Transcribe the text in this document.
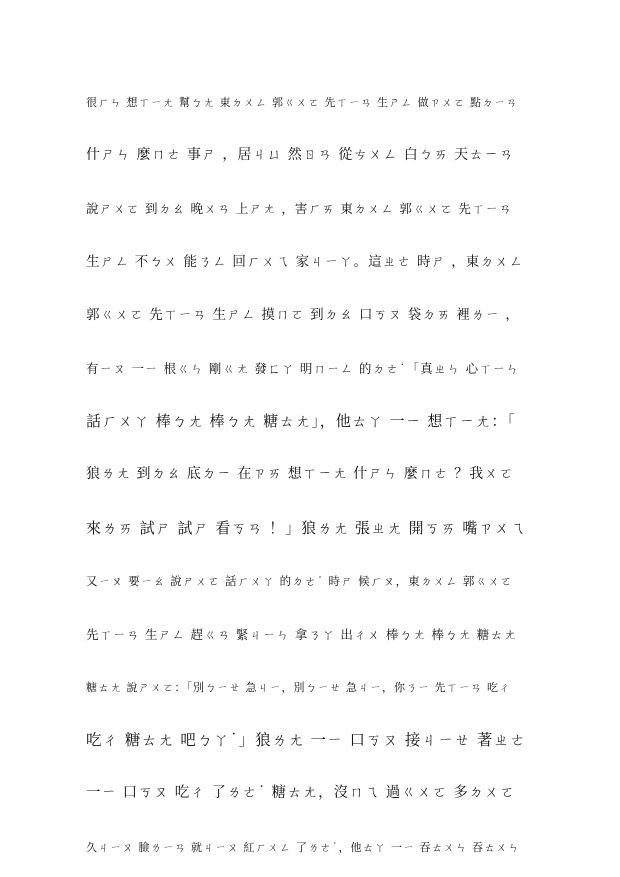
很ㄏㄣ 想ㄒㄧㄤ 幫ㄅㄤ 東ㄉㄨㄥ 郭ㄍㄨㄛ 先ㄒㄧㄢ 生ㄕㄥ 做ㄗㄨㄛ 點ㄉㄧㄢ
什ㄕㄣ 麼ㄇㄜ 事ㄕ ，居ㄐㄩ 然ㄖㄢ 從ㄘㄨㄥ 白ㄅㄞ 天ㄊㄧㄢ
說ㄕㄨㄛ 到ㄉㄠ 晚ㄨㄢ 上ㄕㄤ ，害ㄏㄞ 東ㄉㄨㄥ 郭ㄍㄨㄛ 先ㄒㄧㄢ
生ㄕㄥ 不ㄅㄨ 能ㄋㄥ 回ㄏㄨㄟ 家ㄐㄧㄚ。這ㄓㄜ 時ㄕ ，東ㄉㄨㄥ
郭ㄍㄨㄛ 先ㄒㄧㄢ 生ㄕㄥ 摸ㄇㄛ 到ㄉㄠ 口ㄎㄡ 袋ㄉㄞ 裡ㄌㄧ ，
有ㄧㄡ 一ㄧ 根ㄍㄣ 剛ㄍㄤ 發ㄈㄚ 明ㄇㄧㄥ 的ㄉㄜ˙「真ㄓㄣ 心ㄒㄧㄣ
話ㄏㄨㄚ 棒ㄅㄤ 棒ㄅㄤ 糖ㄊㄤ」，他ㄊㄚ 一ㄧ 想ㄒㄧㄤ：「
狼ㄌㄤ 到ㄉㄠ 底ㄉㄧ 在ㄗㄞ 想ㄒㄧㄤ 什ㄕㄣ 麼ㄇㄜ ？我ㄨㄛ
來ㄌㄞ 試ㄕ 試ㄕ 看ㄎㄢ ！」狼ㄌㄤ 張ㄓㄤ 開ㄎㄞ 嘴ㄗㄨㄟ
又ㄧㄡ 要ㄧㄠ 說ㄕㄨㄛ 話ㄏㄨㄚ 的ㄉㄜ˙ 時ㄕ 候ㄏㄡ，東ㄉㄨㄥ 郭ㄍㄨㄛ
先ㄒㄧㄢ 生ㄕㄥ 趕ㄍㄢ 緊ㄐㄧㄣ 拿ㄋㄚ 出ㄔㄨ 棒ㄅㄤ 棒ㄅㄤ 糖ㄊㄤ
糖ㄊㄤ 說ㄕㄨㄛ：「別ㄅㄧㄝ 急ㄐㄧ，別ㄅㄧㄝ 急ㄐㄧ，你ㄋㄧ 先ㄒㄧㄢ 吃ㄔ
吃ㄔ 糖ㄊㄤ 吧ㄅㄚ˙」狼ㄌㄤ 一ㄧ 口ㄎㄡ 接ㄐㄧㄝ 著ㄓㄜ
一ㄧ 口ㄎㄡ 吃ㄔ 了ㄌㄜ˙ 糖ㄊㄤ，沒ㄇㄟ 過ㄍㄨㄛ 多ㄉㄨㄛ
久ㄐㄧㄡ 臉ㄌㄧㄢ 就ㄐㄧㄡ 紅ㄏㄨㄥ 了ㄌㄜ˙，他ㄊㄚ 一ㄧ 吞ㄊㄨㄣ 吞ㄊㄨㄣ
